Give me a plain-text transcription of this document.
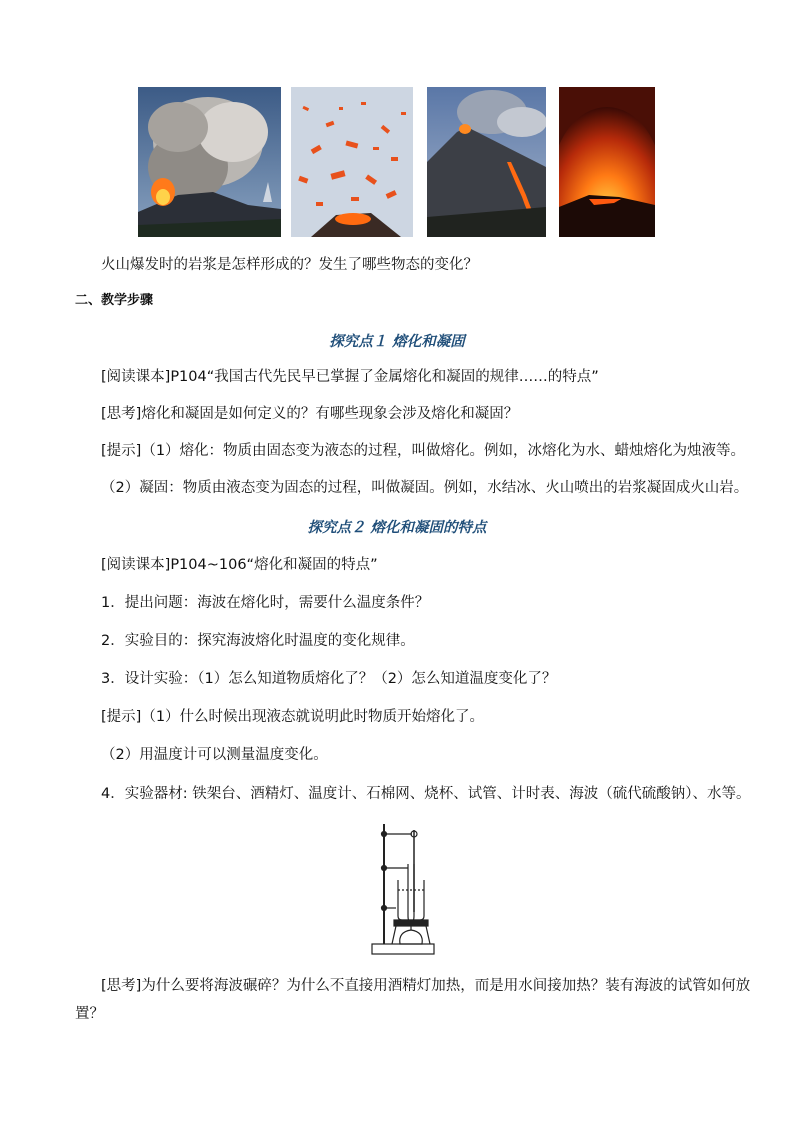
火山爆发时的岩浆是怎样形成的？发生了哪些物态的变化？
二、教学步骤
探究点１ 熔化和凝固
[阅读课本]P104“我国古代先民早已掌握了金属熔化和凝固的规律……的特点”
[思考]熔化和凝固是如何定义的？有哪些现象会涉及熔化和凝固？
[提示]（1）熔化：物质由固态变为液态的过程，叫做熔化。例如，冰熔化为水、蜡烛熔化为烛液等。
（2）凝固：物质由液态变为固态的过程，叫做凝固。例如，水结冰、火山喷出的岩浆凝固成火山岩。
探究点２ 熔化和凝固的特点
[阅读课本]P104~106“熔化和凝固的特点”
1．提出问题：海波在熔化时，需要什么温度条件？
2．实验目的：探究海波熔化时温度的变化规律。
3．设计实验：（1）怎么知道物质熔化了？（2）怎么知道温度变化了？
[提示]（1）什么时候出现液态就说明此时物质开始熔化了。
（2）用温度计可以测量温度变化。
4．实验器材: 铁架台、酒精灯、温度计、石棉网、烧杯、试管、计时表、海波（硫代硫酸钠）、水等。
[思考]为什么要将海波碾碎？为什么不直接用酒精灯加热，而是用水间接加热？装有海波的试管如何放
置？
